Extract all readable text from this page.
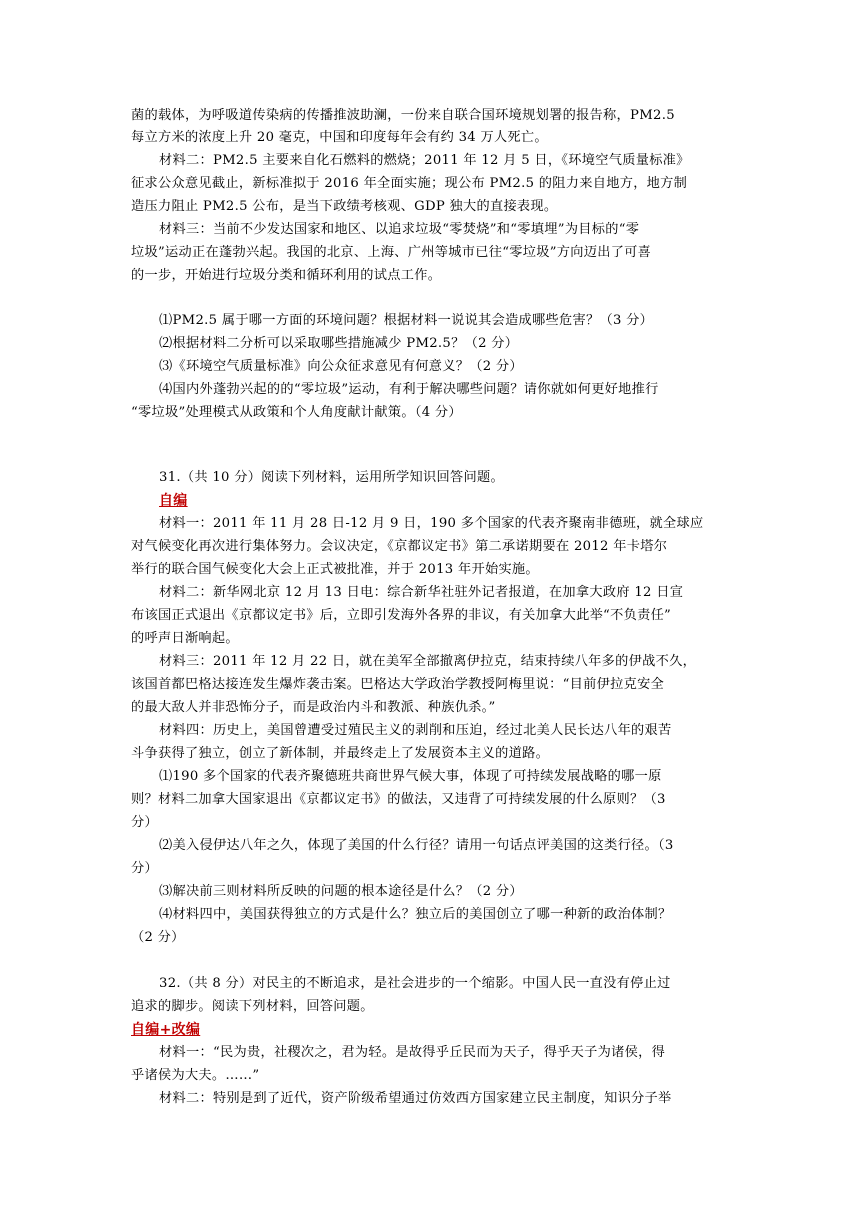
菌的载体，为呼吸道传染病的传播推波助澜，一份来自联合国环境规划署的报告称，PM2.5
每立方米的浓度上升 20 毫克，中国和印度每年会有约 34 万人死亡。
材料二：PM2.5 主要来自化石燃料的燃烧；2011 年 12 月 5 日，《环境空气质量标准》
征求公众意见截止，新标准拟于 2016 年全面实施；现公布 PM2.5 的阻力来自地方，地方制
造压力阻止 PM2.5 公布，是当下政绩考核观、GDP 独大的直接表现。
材料三：当前不少发达国家和地区、以追求垃圾“零焚烧”和“零填埋”为目标的“零
垃圾”运动正在蓬勃兴起。我国的北京、上海、广州等城市已往“零垃圾”方向迈出了可喜
的一步，开始进行垃圾分类和循环利用的试点工作。
⑴PM2.5 属于哪一方面的环境问题？根据材料一说说其会造成哪些危害？（3 分）
⑵根据材料二分析可以采取哪些措施减少 PM2.5？（2 分）
⑶《环境空气质量标准》向公众征求意见有何意义？（2 分）
⑷国内外蓬勃兴起的的“零垃圾”运动，有利于解决哪些问题？请你就如何更好地推行
“零垃圾”处理模式从政策和个人角度献计献策。（4 分）
31.（共 10 分）阅读下列材料，运用所学知识回答问题。
自编
材料一：2011 年 11 月 28 日-12 月 9 日，190 多个国家的代表齐聚南非德班，就全球应
对气候变化再次进行集体努力。会议决定，《京都议定书》第二承诺期要在 2012 年卡塔尔
举行的联合国气候变化大会上正式被批准，并于 2013 年开始实施。
材料二：新华网北京 12 月 13 日电：综合新华社驻外记者报道，在加拿大政府 12 日宣
布该国正式退出《京都议定书》后，立即引发海外各界的非议，有关加拿大此举“不负责任”
的呼声日渐响起。
材料三：2011 年 12 月 22 日，就在美军全部撤离伊拉克，结束持续八年多的伊战不久，
该国首都巴格达接连发生爆炸袭击案。巴格达大学政治学教授阿梅里说：“目前伊拉克安全
的最大敌人并非恐怖分子，而是政治内斗和教派、种族仇杀。”
材料四：历史上，美国曾遭受过殖民主义的剥削和压迫，经过北美人民长达八年的艰苦
斗争获得了独立，创立了新体制，并最终走上了发展资本主义的道路。
⑴190 多个国家的代表齐聚德班共商世界气候大事，体现了可持续发展战略的哪一原
则？材料二加拿大国家退出《京都议定书》的做法，又违背了可持续发展的什么原则？（3
分）
⑵美入侵伊达八年之久，体现了美国的什么行径？请用一句话点评美国的这类行径。（3
分）
⑶解决前三则材料所反映的问题的根本途径是什么？（2 分）
⑷材料四中，美国获得独立的方式是什么？独立后的美国创立了哪一种新的政治体制？
（2 分）
32.（共 8 分）对民主的不断追求，是社会进步的一个缩影。中国人民一直没有停止过
追求的脚步。阅读下列材料，回答问题。
自编+改编
材料一：“民为贵，社稷次之，君为轻。是故得乎丘民而为天子，得乎天子为诸侯，得
乎诸侯为大夫。……”
材料二：特别是到了近代，资产阶级希望通过仿效西方国家建立民主制度，知识分子举
